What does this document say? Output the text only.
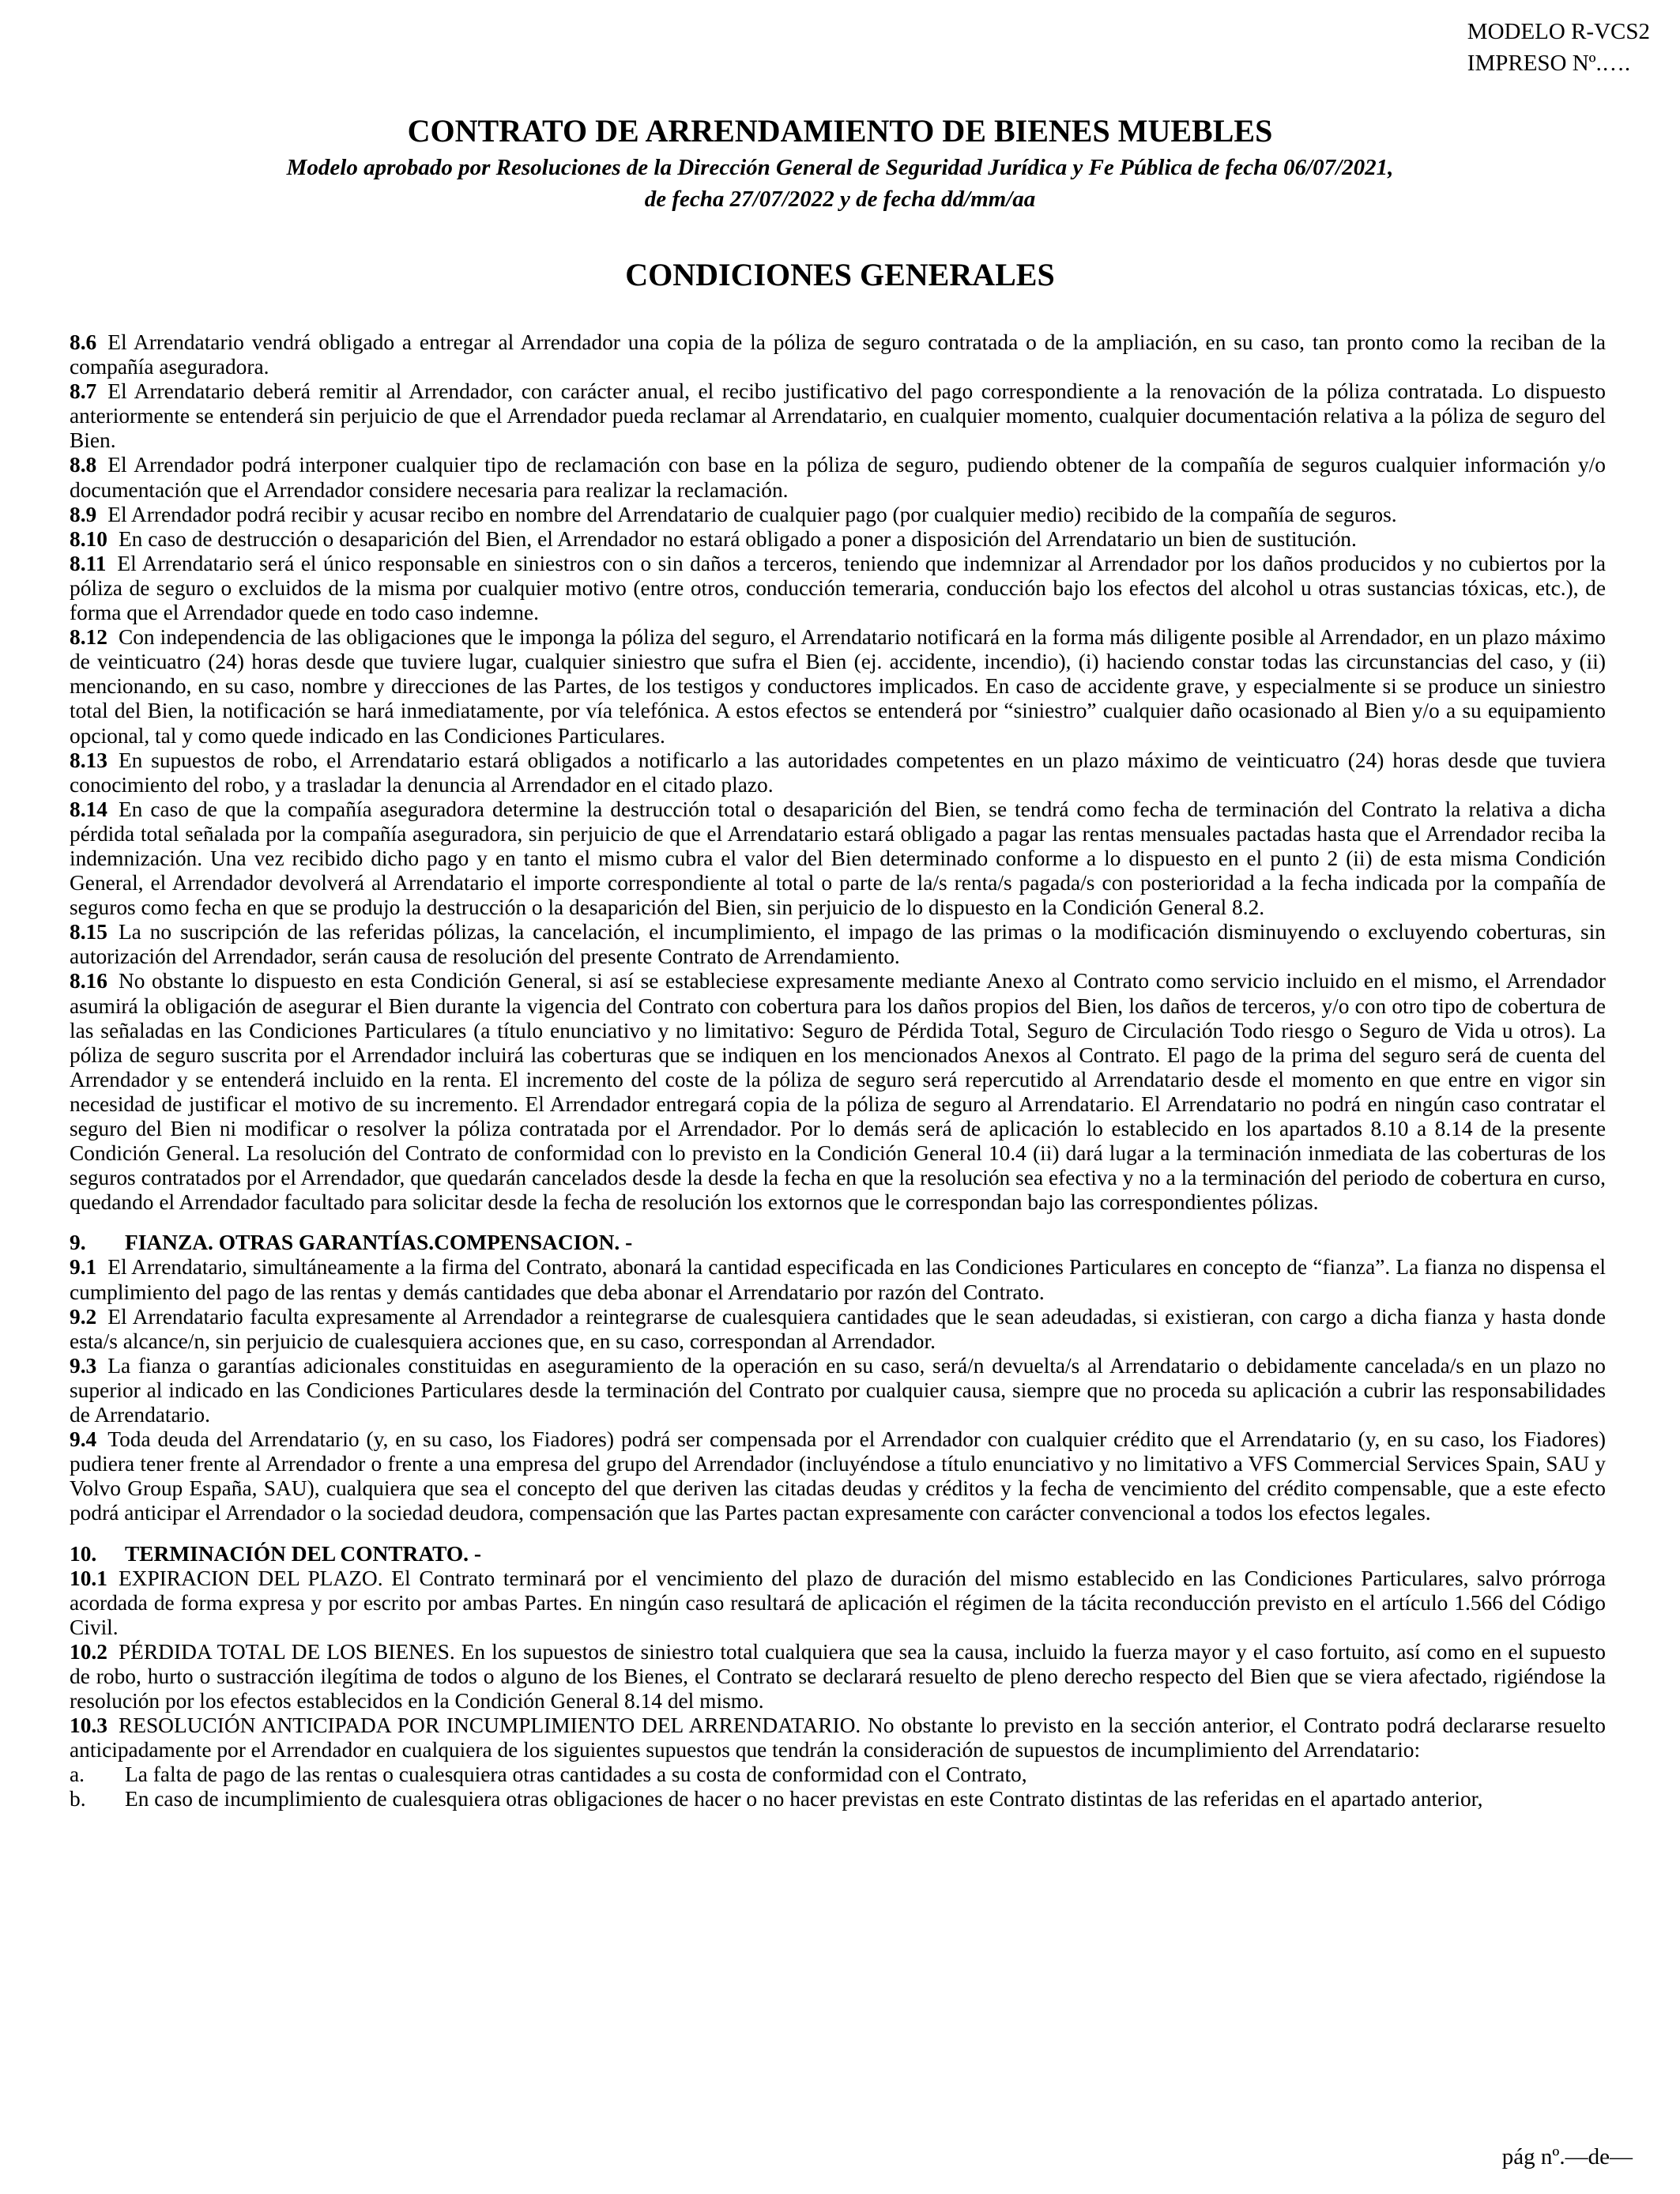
MODELO R-VCS2
IMPRESO Nº.….
CONTRATO DE ARRENDAMIENTO DE BIENES MUEBLES
Modelo aprobado por Resoluciones de la Dirección General de Seguridad Jurídica y Fe Pública de fecha 06/07/2021,
de fecha 27/07/2022 y de fecha dd/mm/aa
CONDICIONES GENERALES

8.6 El Arrendatario vendrá obligado a entregar al Arrendador una copia de la póliza de seguro contratada o de la ampliación, en su caso, tan pronto como la reciban de la compañía aseguradora.

8.7 El Arrendatario deberá remitir al Arrendador, con carácter anual, el recibo justificativo del pago correspondiente a la renovación de la póliza contratada. Lo dispuesto anteriormente se entenderá sin perjuicio de que el Arrendador pueda reclamar al Arrendatario, en cualquier momento, cualquier documentación relativa a la póliza de seguro del Bien.

8.8 El Arrendador podrá interponer cualquier tipo de reclamación con base en la póliza de seguro, pudiendo obtener de la compañía de seguros cualquier información y/o documentación que el Arrendador considere necesaria para realizar la reclamación.

8.9 El Arrendador podrá recibir y acusar recibo en nombre del Arrendatario de cualquier pago (por cualquier medio) recibido de la compañía de seguros.

8.10 En caso de destrucción o desaparición del Bien, el Arrendador no estará obligado a poner a disposición del Arrendatario un bien de sustitución.

8.11 El Arrendatario será el único responsable en siniestros con o sin daños a terceros, teniendo que indemnizar al Arrendador por los daños producidos y no cubiertos por la póliza de seguro o excluidos de la misma por cualquier motivo (entre otros, conducción temeraria, conducción bajo los efectos del alcohol u otras sustancias tóxicas, etc.), de forma que el Arrendador quede en todo caso indemne.

8.12 Con independencia de las obligaciones que le imponga la póliza del seguro, el Arrendatario notificará en la forma más diligente posible al Arrendador, en un plazo máximo de veinticuatro (24) horas desde que tuviere lugar, cualquier siniestro que sufra el Bien (ej. accidente, incendio), (i) haciendo constar todas las circunstancias del caso, y (ii) mencionando, en su caso, nombre y direcciones de las Partes, de los testigos y conductores implicados. En caso de accidente grave, y especialmente si se produce un siniestro total del Bien, la notificación se hará inmediatamente, por vía telefónica. A estos efectos se entenderá por “siniestro” cualquier daño ocasionado al Bien y/o a su equipamiento opcional, tal y como quede indicado en las Condiciones Particulares.

8.13 En supuestos de robo, el Arrendatario estará obligados a notificarlo a las autoridades competentes en un plazo máximo de veinticuatro (24) horas desde que tuviera conocimiento del robo, y a trasladar la denuncia al Arrendador en el citado plazo.

8.14 En caso de que la compañía aseguradora determine la destrucción total o desaparición del Bien, se tendrá como fecha de terminación del Contrato la relativa a dicha pérdida total señalada por la compañía aseguradora, sin perjuicio de que el Arrendatario estará obligado a pagar las rentas mensuales pactadas hasta que el Arrendador reciba la indemnización. Una vez recibido dicho pago y en tanto el mismo cubra el valor del Bien determinado conforme a lo dispuesto en el punto 2 (ii) de esta misma Condición General, el Arrendador devolverá al Arrendatario el importe correspondiente al total o parte de la/s renta/s pagada/s con posterioridad a la fecha indicada por la compañía de seguros como fecha en que se produjo la destrucción o la desaparición del Bien, sin perjuicio de lo dispuesto en la Condición General 8.2.

8.15 La no suscripción de las referidas pólizas, la cancelación, el incumplimiento, el impago de las primas o la modificación disminuyendo o excluyendo coberturas, sin autorización del Arrendador, serán causa de resolución del presente Contrato de Arrendamiento.

8.16 No obstante lo dispuesto en esta Condición General, si así se estableciese expresamente mediante Anexo al Contrato como servicio incluido en el mismo, el Arrendador asumirá la obligación de asegurar el Bien durante la vigencia del Contrato con cobertura para los daños propios del Bien, los daños de terceros, y/o con otro tipo de cobertura de las señaladas en las Condiciones Particulares (a título enunciativo y no limitativo: Seguro de Pérdida Total, Seguro de Circulación Todo riesgo o Seguro de Vida u otros). La póliza de seguro suscrita por el Arrendador incluirá las coberturas que se indiquen en los mencionados Anexos al Contrato. El pago de la prima del seguro será de cuenta del Arrendador y se entenderá incluido en la renta. El incremento del coste de la póliza de seguro será repercutido al Arrendatario desde el momento en que entre en vigor sin necesidad de justificar el motivo de su incremento. El Arrendador entregará copia de la póliza de seguro al Arrendatario. El Arrendatario no podrá en ningún caso contratar el seguro del Bien ni modificar o resolver la póliza contratada por el Arrendador. Por lo demás será de aplicación lo establecido en los apartados 8.10 a 8.14 de la presente Condición General. La resolución del Contrato de conformidad con lo previsto en la Condición General 10.4 (ii) dará lugar a la terminación inmediata de las coberturas de los seguros contratados por el Arrendador, que quedarán cancelados desde la desde la fecha en que la resolución sea efectiva y no a la terminación del periodo de cobertura en curso, quedando el Arrendador facultado para solicitar desde la fecha de resolución los extornos que le correspondan bajo las correspondientes pólizas.

9. FIANZA. OTRAS GARANTÍAS.COMPENSACION. -

9.1 El Arrendatario, simultáneamente a la firma del Contrato, abonará la cantidad especificada en las Condiciones Particulares en concepto de “fianza”. La fianza no dispensa el cumplimiento del pago de las rentas y demás cantidades que deba abonar el Arrendatario por razón del Contrato.

9.2 El Arrendatario faculta expresamente al Arrendador a reintegrarse de cualesquiera cantidades que le sean adeudadas, si existieran, con cargo a dicha fianza y hasta donde esta/s alcance/n, sin perjuicio de cualesquiera acciones que, en su caso, correspondan al Arrendador.

9.3 La fianza o garantías adicionales constituidas en aseguramiento de la operación en su caso, será/n devuelta/s al Arrendatario o debidamente cancelada/s en un plazo no superior al indicado en las Condiciones Particulares desde la terminación del Contrato por cualquier causa, siempre que no proceda su aplicación a cubrir las responsabilidades de Arrendatario.

9.4 Toda deuda del Arrendatario (y, en su caso, los Fiadores) podrá ser compensada por el Arrendador con cualquier crédito que el Arrendatario (y, en su caso, los Fiadores) pudiera tener frente al Arrendador o frente a una empresa del grupo del Arrendador (incluyéndose a título enunciativo y no limitativo a VFS Commercial Services Spain, SAU y Volvo Group España, SAU), cualquiera que sea el concepto del que deriven las citadas deudas y créditos y la fecha de vencimiento del crédito compensable, que a este efecto podrá anticipar el Arrendador o la sociedad deudora, compensación que las Partes pactan expresamente con carácter convencional a todos los efectos legales.

10. TERMINACIÓN DEL CONTRATO. -

10.1 EXPIRACION DEL PLAZO. El Contrato terminará por el vencimiento del plazo de duración del mismo establecido en las Condiciones Particulares, salvo prórroga acordada de forma expresa y por escrito por ambas Partes. En ningún caso resultará de aplicación el régimen de la tácita reconducción previsto en el artículo 1.566 del Código Civil.

10.2 PÉRDIDA TOTAL DE LOS BIENES. En los supuestos de siniestro total cualquiera que sea la causa, incluido la fuerza mayor y el caso fortuito, así como en el supuesto de robo, hurto o sustracción ilegítima de todos o alguno de los Bienes, el Contrato se declarará resuelto de pleno derecho respecto del Bien que se viera afectado, rigiéndose la resolución por los efectos establecidos en la Condición General 8.14 del mismo.

10.3 RESOLUCIÓN ANTICIPADA POR INCUMPLIMIENTO DEL ARRENDATARIO. No obstante lo previsto en la sección anterior, el Contrato podrá declararse resuelto anticipadamente por el Arrendador en cualquiera de los siguientes supuestos que tendrán la consideración de supuestos de incumplimiento del Arrendatario:

a. La falta de pago de las rentas o cualesquiera otras cantidades a su costa de conformidad con el Contrato,

b. En caso de incumplimiento de cualesquiera otras obligaciones de hacer o no hacer previstas en este Contrato distintas de las referidas en el apartado anterior,

pág nº.—de—
